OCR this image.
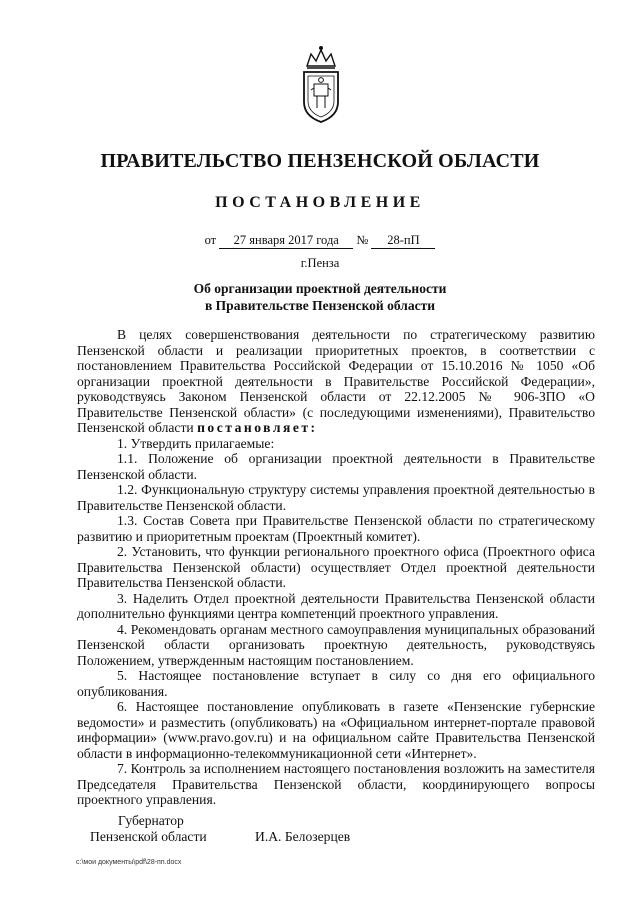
ПРАВИТЕЛЬСТВО ПЕНЗЕНСКОЙ ОБЛАСТИ
ПОСТАНОВЛЕНИЕ
от 27 января 2017 года № 28-пП
г.Пенза
Об организации проектной деятельности
в Правительстве Пензенской области

В целях совершенствования деятельности по стратегическому развитию Пензенской области и реализации приоритетных проектов, в соответствии с постановлением Правительства Российской Федерации от 15.10.2016 № 1050 «Об организации проектной деятельности в Правительстве Российской Федерации», руководствуясь Законом Пензенской области от 22.12.2005 № 906-ЗПО «О Правительстве Пензенской области» (с последующими изменениями), Правительство Пензенской области постановляет:

1. Утвердить прилагаемые:

1.1. Положение об организации проектной деятельности в Правительстве Пензенской области.

1.2. Функциональную структуру системы управления проектной деятельностью в Правительстве Пензенской области.

1.3. Состав Совета при Правительстве Пензенской области по стратегическому развитию и приоритетным проектам (Проектный комитет).

2. Установить, что функции регионального проектного офиса (Проектного офиса Правительства Пензенской области) осуществляет Отдел проектной деятельности Правительства Пензенской области.

3. Наделить Отдел проектной деятельности Правительства Пензенской области дополнительно функциями центра компетенций проектного управления.

4. Рекомендовать органам местного самоуправления муниципальных образований Пензенской области организовать проектную деятельность, руководствуясь Положением, утвержденным настоящим постановлением.

5. Настоящее постановление вступает в силу со дня его официального опубликования.

6. Настоящее постановление опубликовать в газете «Пензенские губернские ведомости» и разместить (опубликовать) на «Официальном интернет-портале правовой информации» (www.pravo.gov.ru) и на официальном сайте Правительства Пензенской области в информационно-телекоммуникационной сети «Интернет».

7. Контроль за исполнением настоящего постановления возложить на заместителя Председателя Правительства Пензенской области, координирующего вопросы проектного управления.

Губернатор
Пензенской области	И.А. Белозерцев
c:\мои документы\pdf\28-пп.docx
